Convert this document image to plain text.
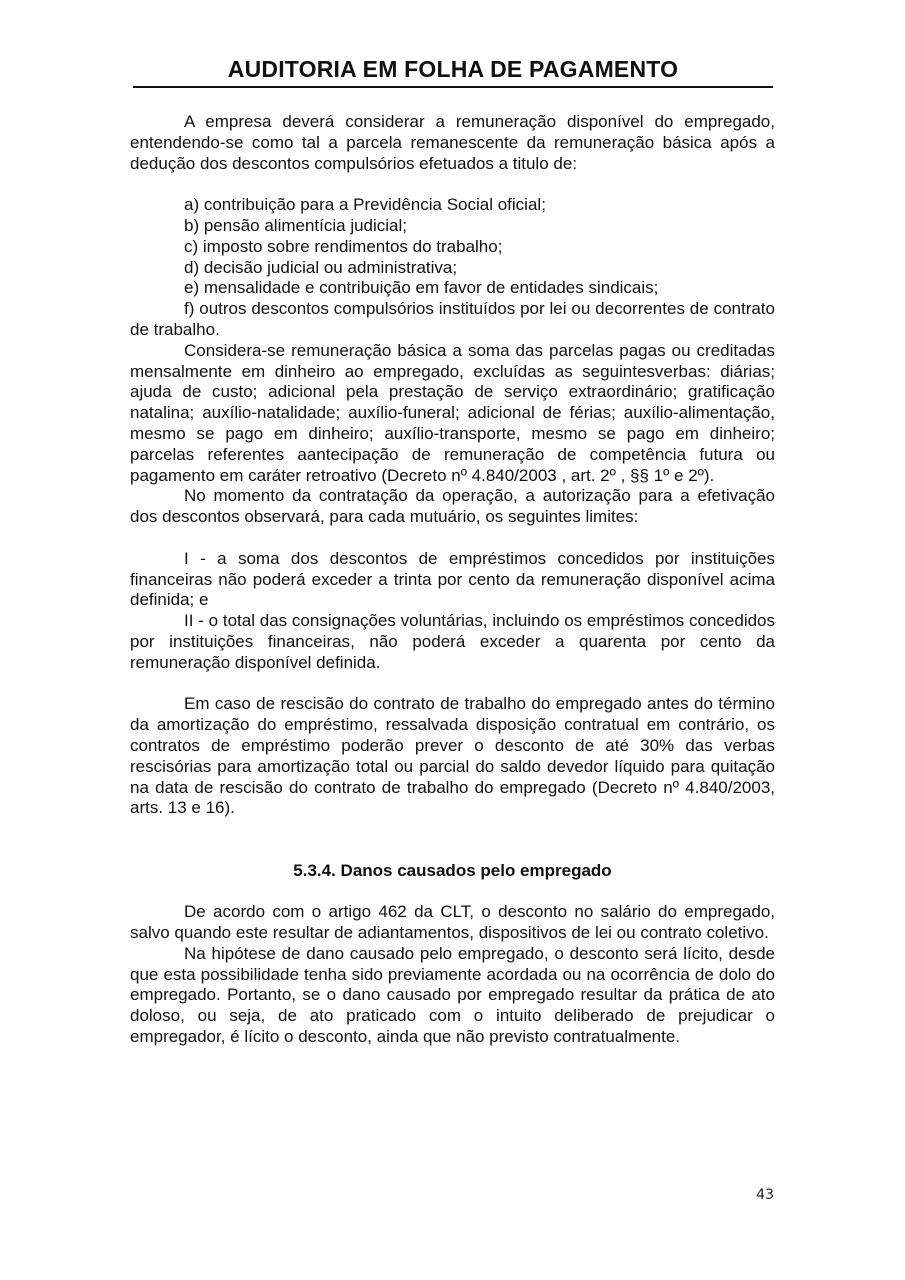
AUDITORIA EM FOLHA DE PAGAMENTO

A empresa deverá considerar a remuneração disponível do empregado, entendendo-se como tal a parcela remanescente da remuneração básica após a dedução dos descontos compulsórios efetuados a titulo de:

a) contribuição para a Previdência Social oficial;

b) pensão alimentícia judicial;

c) imposto sobre rendimentos do trabalho;

d) decisão judicial ou administrativa;

e) mensalidade e contribuição em favor de entidades sindicais;

f) outros descontos compulsórios instituídos por lei ou decorrentes de contrato de trabalho.

Considera-se remuneração básica a soma das parcelas pagas ou creditadas mensalmente em dinheiro ao empregado, excluídas as seguintesverbas: diárias; ajuda de custo; adicional pela prestação de serviço extraordinário; gratificação natalina; auxílio-natalidade; auxílio-funeral; adicional de férias; auxílio-alimentação, mesmo se pago em dinheiro; auxílio-transporte, mesmo se pago em dinheiro; parcelas referentes aantecipação de remuneração de competência futura ou pagamento em caráter retroativo (Decreto nº 4.840/2003 , art. 2º , §§ 1º e 2º).

No momento da contratação da operação, a autorização para a efetivação dos descontos observará, para cada mutuário, os seguintes limites:

I - a soma dos descontos de empréstimos concedidos por instituições financeiras não poderá exceder a trinta por cento da remuneração disponível acima definida; e

II - o total das consignações voluntárias, incluindo os empréstimos concedidos por instituições financeiras, não poderá exceder a quarenta por cento da remuneração disponível definida.

Em caso de rescisão do contrato de trabalho do empregado antes do término da amortização do empréstimo, ressalvada disposição contratual em contrário, os contratos de empréstimo poderão prever o desconto de até 30% das verbas rescisórias para amortização total ou parcial do saldo devedor líquido para quitação na data de rescisão do contrato de trabalho do empregado (Decreto nº 4.840/2003, arts. 13 e 16).

5.3.4. Danos causados pelo empregado

De acordo com o artigo 462 da CLT, o desconto no salário do empregado, salvo quando este resultar de adiantamentos, dispositivos de lei ou contrato coletivo.

Na hipótese de dano causado pelo empregado, o desconto será lícito, desde que esta possibilidade tenha sido previamente acordada ou na ocorrência de dolo do empregado. Portanto, se o dano causado por empregado resultar da prática de ato doloso, ou seja, de ato praticado com o intuito deliberado de prejudicar o empregador, é lícito o desconto, ainda que não previsto contratualmente.

43
